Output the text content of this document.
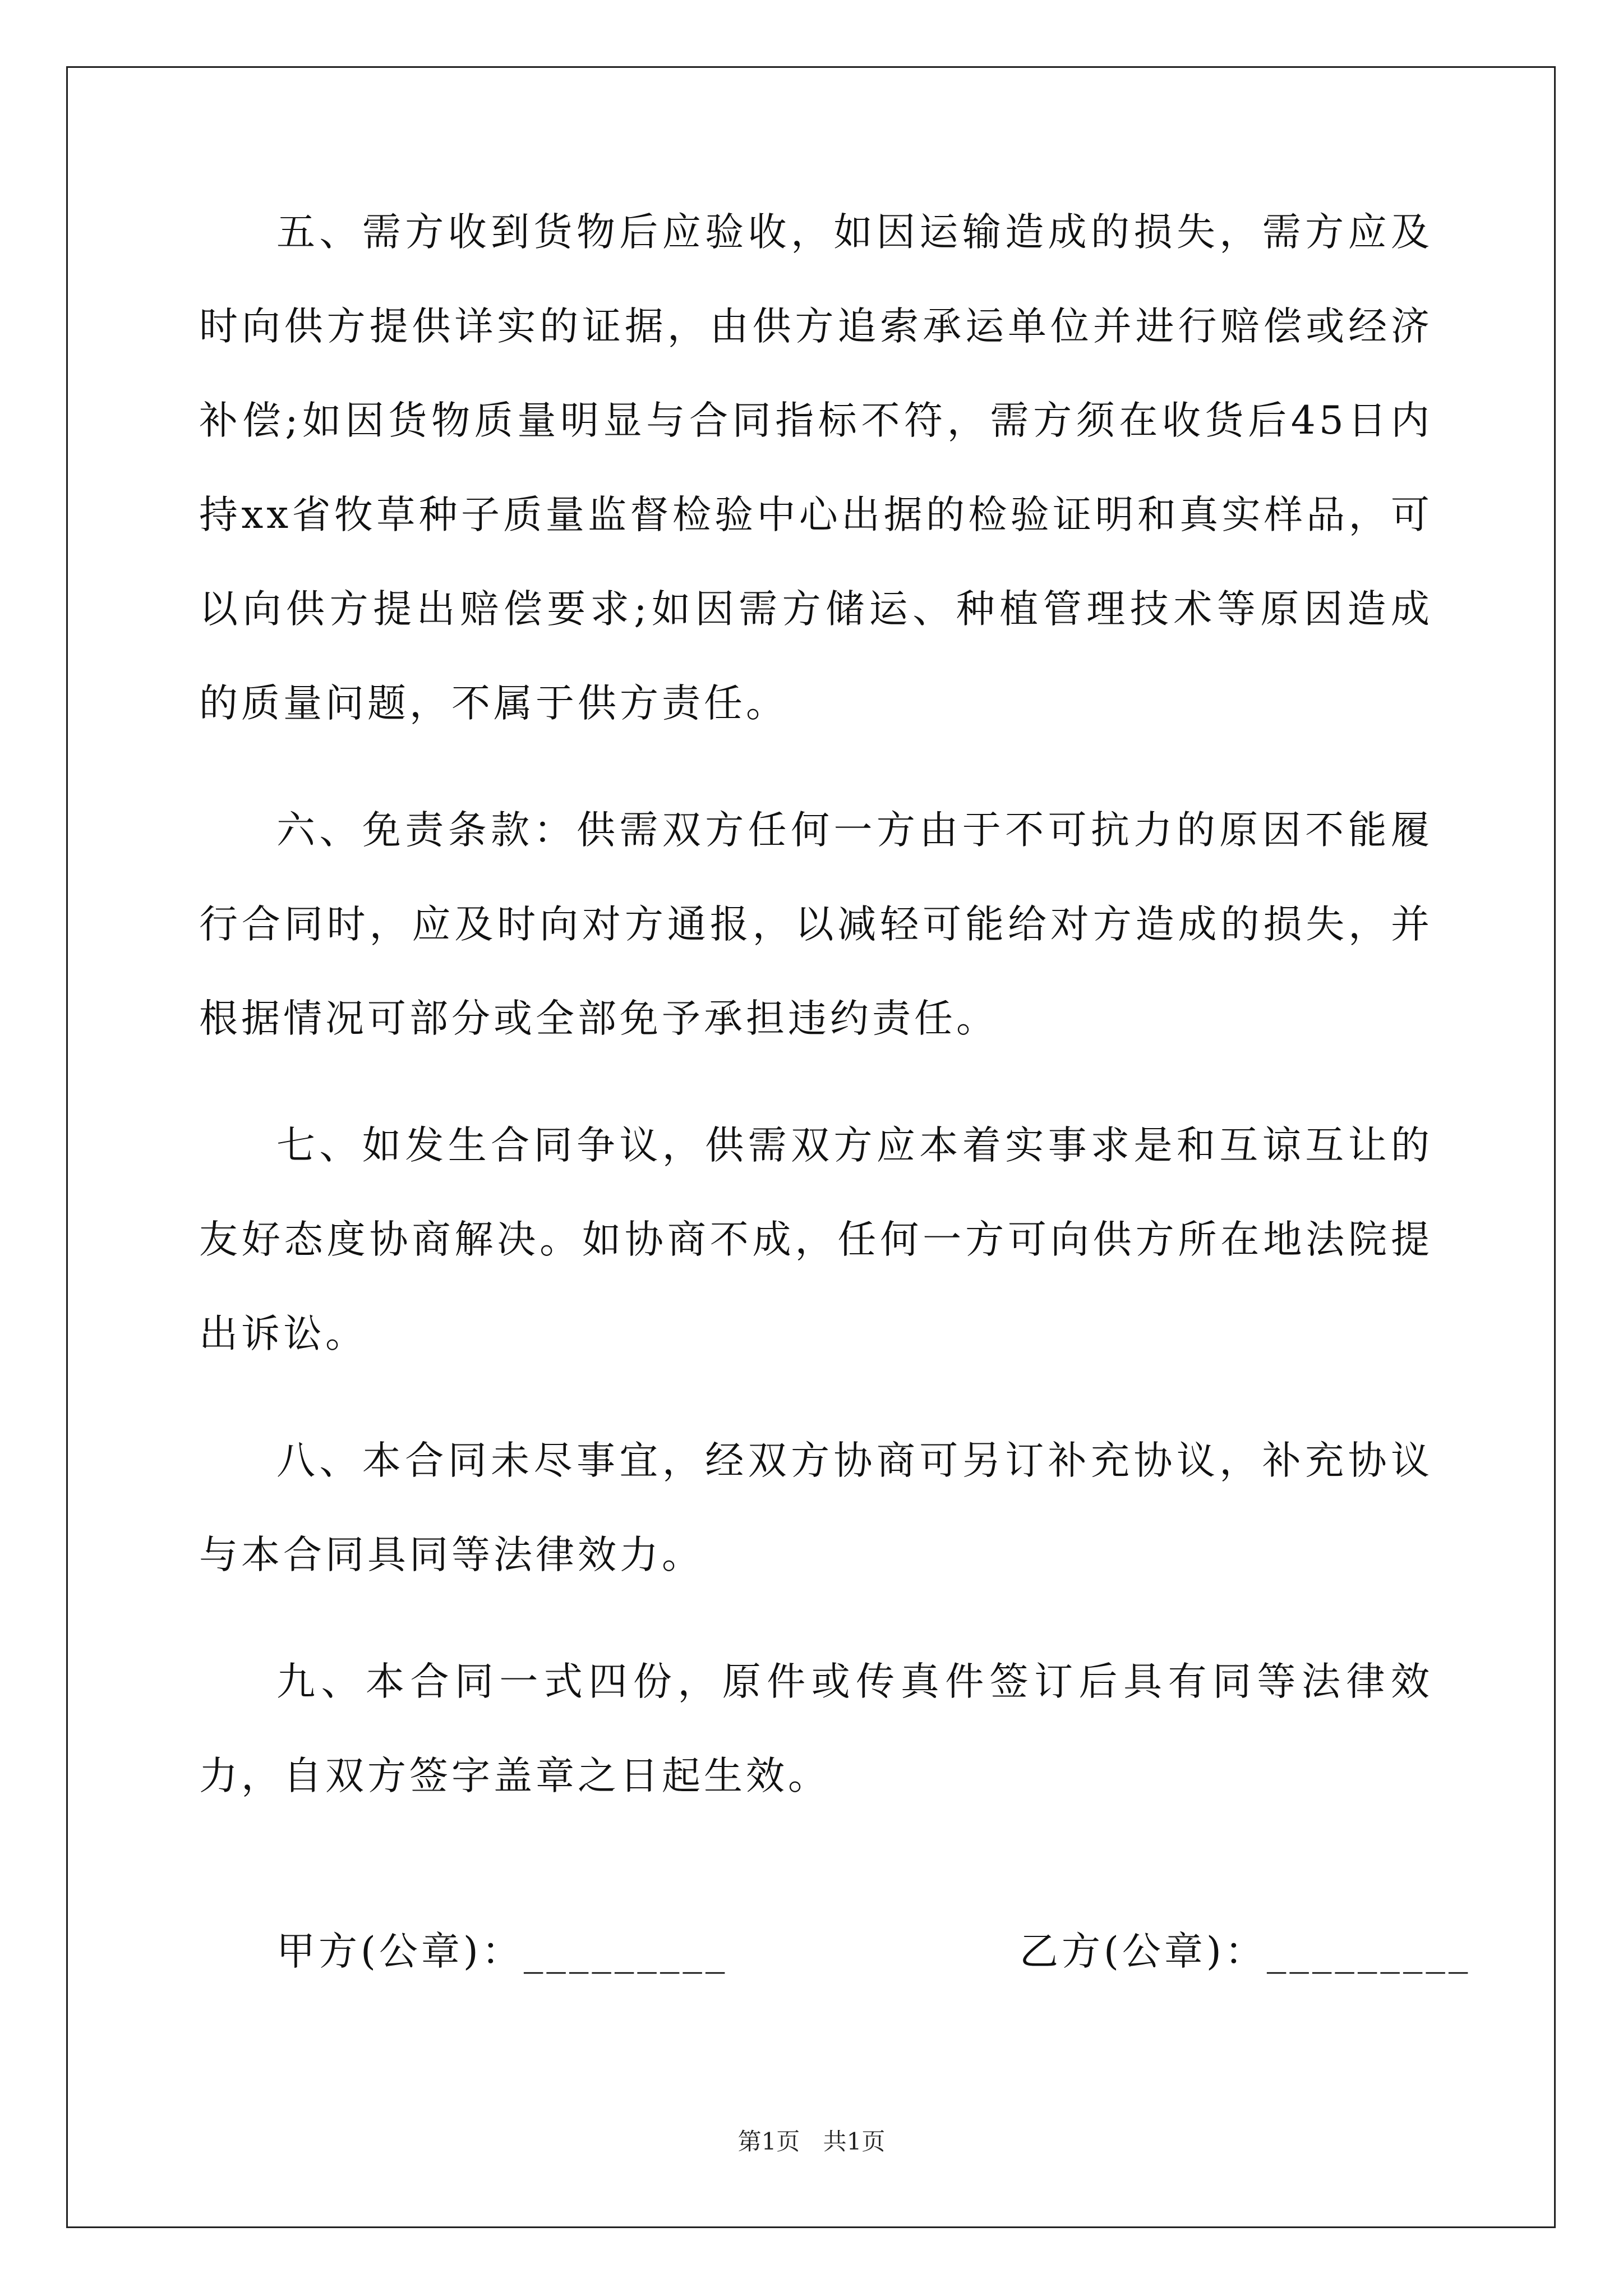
五、需方收到货物后应验收，如因运输造成的损失，需方应及时向供方提供详实的证据，由供方追索承运单位并进行赔偿或经济补偿;如因货物质量明显与合同指标不符，需方须在收货后45日内持xx省牧草种子质量监督检验中心出据的检验证明和真实样品，可以向供方提出赔偿要求;如因需方储运、种植管理技术等原因造成的质量问题，不属于供方责任。

六、免责条款：供需双方任何一方由于不可抗力的原因不能履行合同时，应及时向对方通报，以减轻可能给对方造成的损失，并根据情况可部分或全部免予承担违约责任。

七、如发生合同争议，供需双方应本着实事求是和互谅互让的友好态度协商解决。如协商不成，任何一方可向供方所在地法院提出诉讼。

八、本合同未尽事宜，经双方协商可另订补充协议，补充协议与本合同具同等法律效力。

九、本合同一式四份，原件或传真件签订后具有同等法律效力，自双方签字盖章之日起生效。

甲方(公章)：_________	乙方(公章)：_________
第1页 共1页
